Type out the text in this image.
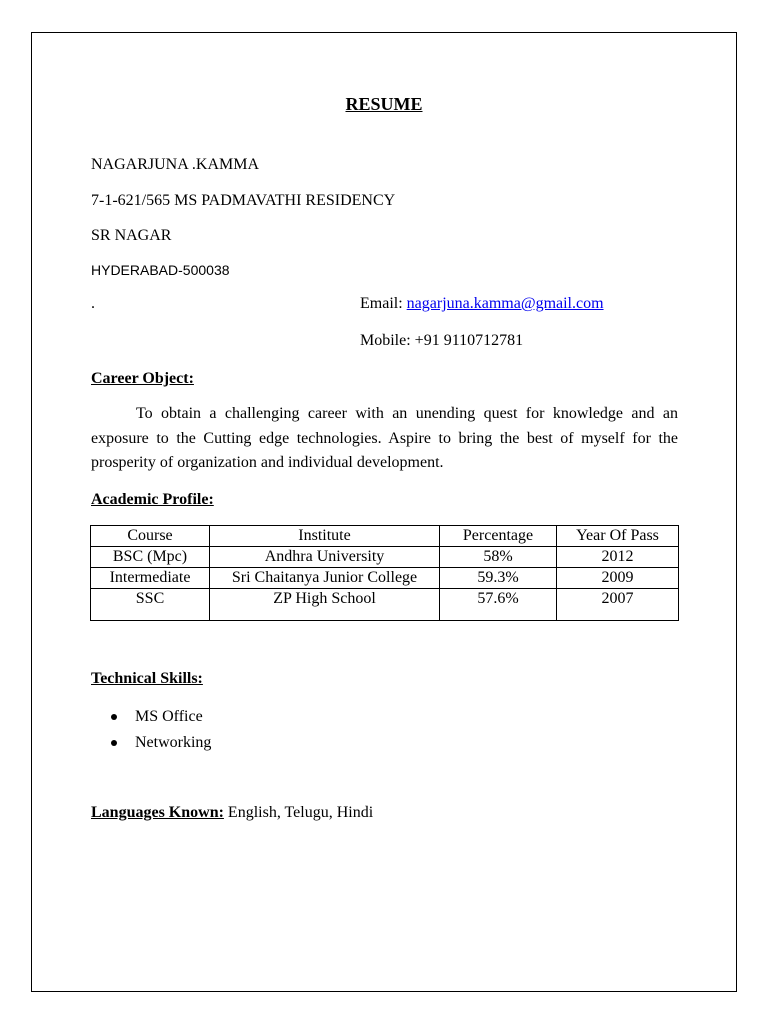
RESUME
NAGARJUNA .KAMMA
7-1-621/565 MS PADMAVATHI RESIDENCY
SR NAGAR
HYDERABAD-500038
.	Email: nagarjuna.kamma@gmail.com
Mobile: +91 9110712781
Career Object:
To obtain a challenging career with an unending quest for knowledge and an exposure to the Cutting edge technologies. Aspire to bring the best of myself for the prosperity of organization and individual development.
Academic Profile:
Course	Institute	Percentage	Year Of Pass
BSC (Mpc)	Andhra University	58%	2012
Intermediate	Sri Chaitanya Junior College	59.3%	2009
SSC	ZP High School	57.6%	2007
Technical Skills:
MS Office
Networking
Languages Known: English, Telugu, Hindi
